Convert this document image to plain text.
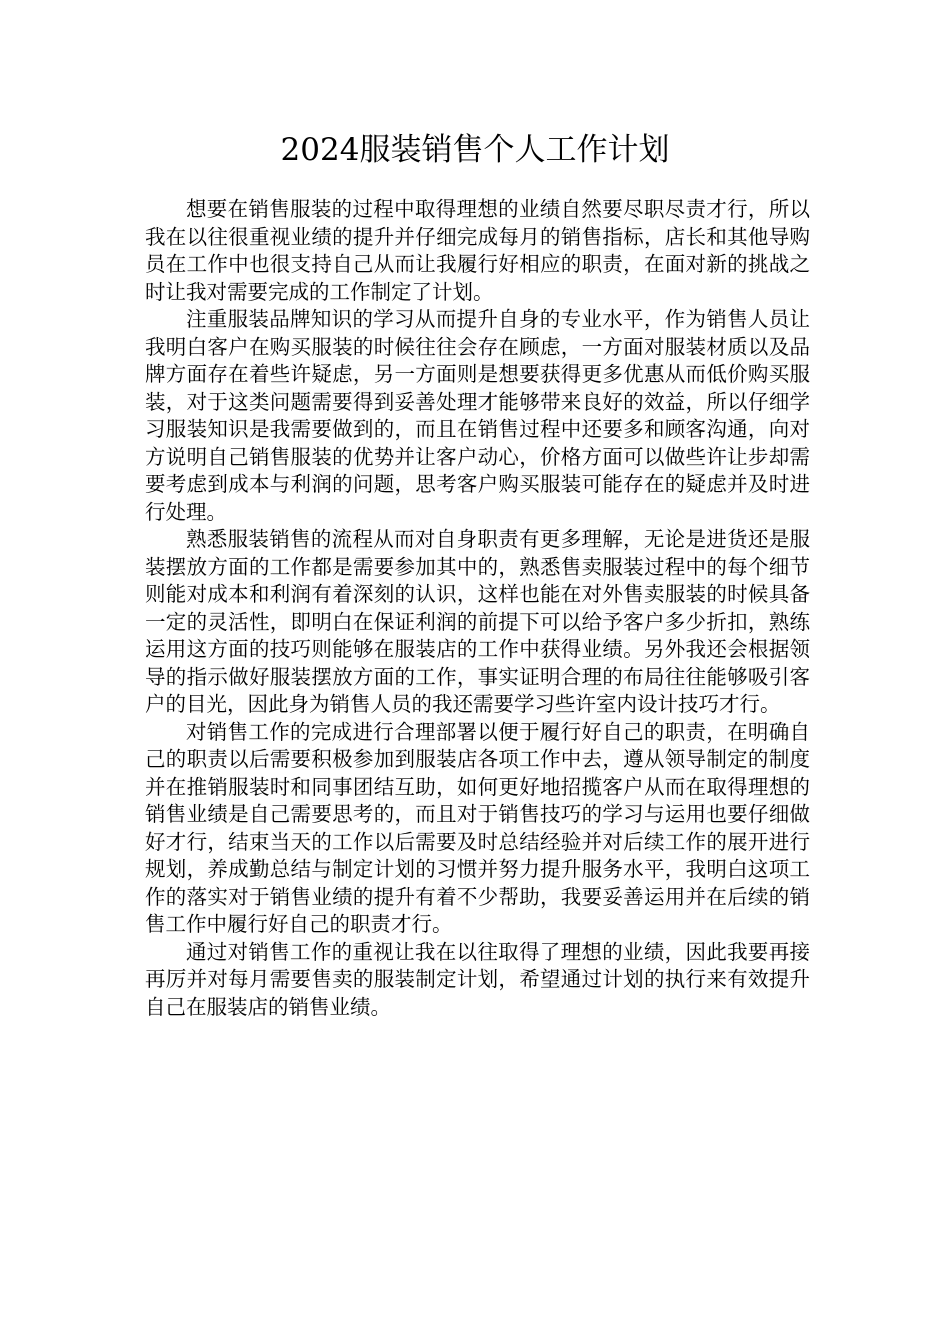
2024服装销售个人工作计划

想要在销售服装的过程中取得理想的业绩自然要尽职尽责才行，所以我在以往很重视业绩的提升并仔细完成每月的销售指标，店长和其他导购员在工作中也很支持自己从而让我履行好相应的职责，在面对新的挑战之时让我对需要完成的工作制定了计划。

注重服装品牌知识的学习从而提升自身的专业水平，作为销售人员让我明白客户在购买服装的时候往往会存在顾虑，一方面对服装材质以及品牌方面存在着些许疑虑，另一方面则是想要获得更多优惠从而低价购买服装，对于这类问题需要得到妥善处理才能够带来良好的效益，所以仔细学习服装知识是我需要做到的，而且在销售过程中还要多和顾客沟通，向对方说明自己销售服装的优势并让客户动心，价格方面可以做些许让步却需要考虑到成本与利润的问题，思考客户购买服装可能存在的疑虑并及时进行处理。

熟悉服装销售的流程从而对自身职责有更多理解，无论是进货还是服装摆放方面的工作都是需要参加其中的，熟悉售卖服装过程中的每个细节则能对成本和利润有着深刻的认识，这样也能在对外售卖服装的时候具备一定的灵活性，即明白在保证利润的前提下可以给予客户多少折扣，熟练运用这方面的技巧则能够在服装店的工作中获得业绩。另外我还会根据领导的指示做好服装摆放方面的工作，事实证明合理的布局往往能够吸引客户的目光，因此身为销售人员的我还需要学习些许室内设计技巧才行。

对销售工作的完成进行合理部署以便于履行好自己的职责，在明确自己的职责以后需要积极参加到服装店各项工作中去，遵从领导制定的制度并在推销服装时和同事团结互助，如何更好地招揽客户从而在取得理想的销售业绩是自己需要思考的，而且对于销售技巧的学习与运用也要仔细做好才行，结束当天的工作以后需要及时总结经验并对后续工作的展开进行规划，养成勤总结与制定计划的习惯并努力提升服务水平，我明白这项工作的落实对于销售业绩的提升有着不少帮助，我要妥善运用并在后续的销售工作中履行好自己的职责才行。

通过对销售工作的重视让我在以往取得了理想的业绩，因此我要再接再厉并对每月需要售卖的服装制定计划，希望通过计划的执行来有效提升自己在服装店的销售业绩。
